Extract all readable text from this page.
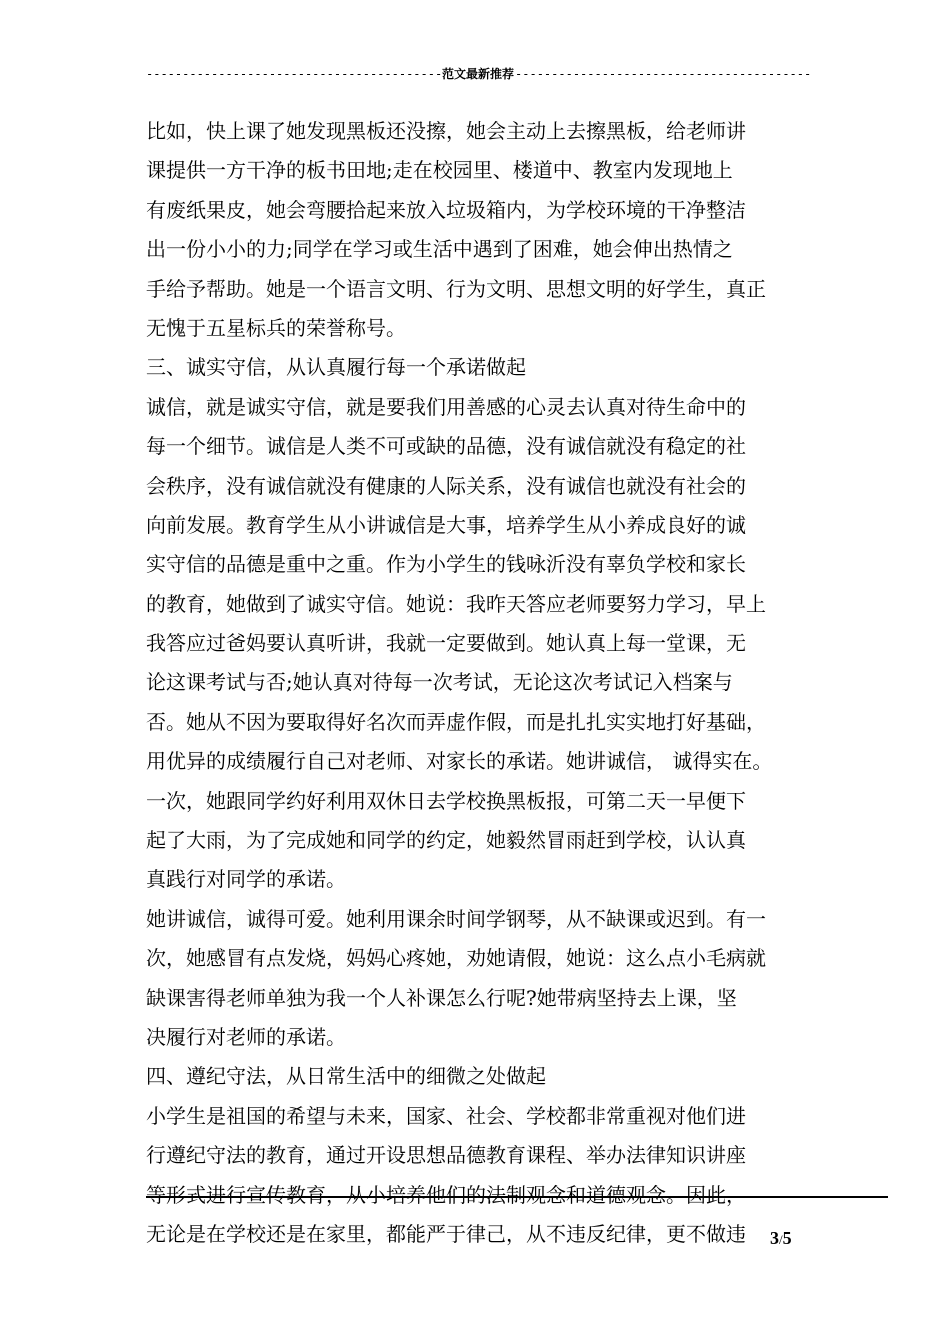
-----
范文最新推荐
-----
比如，快上课了她发现黑板还没擦，她会主动上去擦黑板，给老师讲
课提供一方干净的板书田地;走在校园里、楼道中、教室内发现地上
有废纸果皮，她会弯腰拾起来放入垃圾箱内，为学校环境的干净整洁
出一份小小的力;同学在学习或生活中遇到了困难，她会伸出热情之
手给予帮助。她是一个语言文明、行为文明、思想文明的好学生，真正
无愧于五星标兵的荣誉称号。
三、诚实守信，从认真履行每一个承诺做起
诚信，就是诚实守信，就是要我们用善感的心灵去认真对待生命中的
每一个细节。诚信是人类不可或缺的品德，没有诚信就没有稳定的社
会秩序，没有诚信就没有健康的人际关系，没有诚信也就没有社会的
向前发展。教育学生从小讲诚信是大事，培养学生从小养成良好的诚
实守信的品德是重中之重。作为小学生的钱咏沂没有辜负学校和家长
的教育，她做到了诚实守信。她说：我昨天答应老师要努力学习，早上
我答应过爸妈要认真听讲，我就一定要做到。她认真上每一堂课，无
论这课考试与否;她认真对待每一次考试，无论这次考试记入档案与
否。她从不因为要取得好名次而弄虚作假，而是扎扎实实地打好基础，
用优异的成绩履行自己对老师、对家长的承诺。她讲诚信， 诚得实在。
一次，她跟同学约好利用双休日去学校换黑板报，可第二天一早便下
起了大雨，为了完成她和同学的约定，她毅然冒雨赶到学校，认认真
真践行对同学的承诺。
她讲诚信，诚得可爱。她利用课余时间学钢琴，从不缺课或迟到。有一
次，她感冒有点发烧，妈妈心疼她，劝她请假，她说：这么点小毛病就
缺课害得老师单独为我一个人补课怎么行呢?她带病坚持去上课，坚
决履行对老师的承诺。
四、遵纪守法，从日常生活中的细微之处做起
小学生是祖国的希望与未来，国家、社会、学校都非常重视对他们进
行遵纪守法的教育，通过开设思想品德教育课程、举办法律知识讲座
等形式进行宣传教育，从小培养他们的法制观念和道德观念。因此，
无论是在学校还是在家里，都能严于律己，从不违反纪律，更不做违	3/5
